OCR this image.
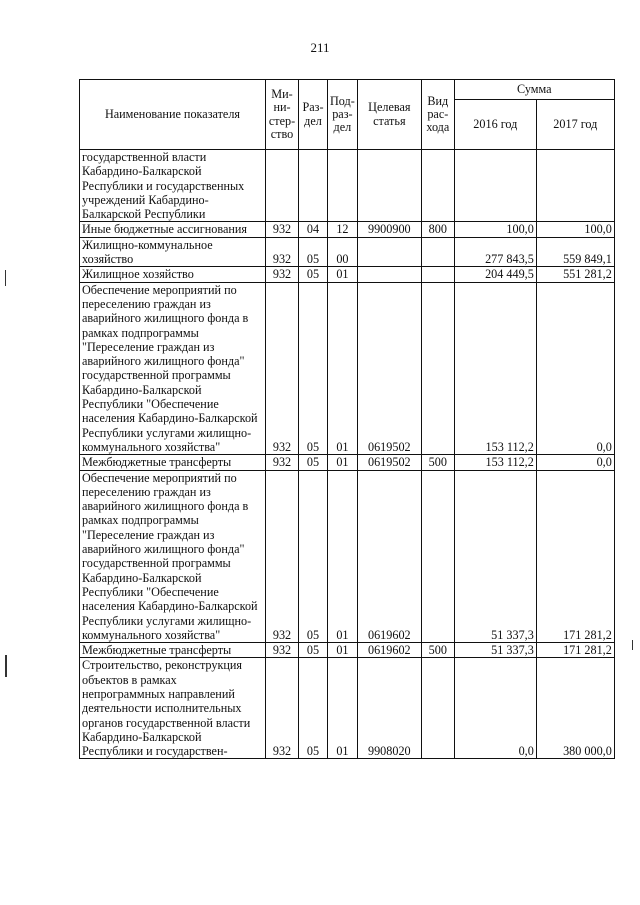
211
Наименование показателя	Ми-
ни-
стер-
ство	Раз-
дел	Под-
раз-
дел	Целевая
статья	Вид
рас-
хода	Сумма	
						2016 год	2017 год
государственной власти Кабардино-Балкарской Республики и государственных учреждений Кабардино-Балкарской Республики							
Иные бюджетные ассигнования	932	04	12	9900900	800	100,0	100,0
Жилищно-коммунальное хозяйство	932	05	00			277 843,5	559 849,1
Жилищное хозяйство	932	05	01			204 449,5	551 281,2
Обеспечение мероприятий по переселению граждан из аварийного жилищного фонда в рамках подпрограммы "Переселение граждан из аварийного жилищного фонда" государственной программы Кабардино-Балкарской Республики "Обеспечение населения Кабардино-Балкарской Республики услугами жилищно-коммунального хозяйства"	932	05	01	0619502		153 112,2	0,0
Межбюджетные трансферты	932	05	01	0619502	500	153 112,2	0,0
Обеспечение мероприятий по переселению граждан из аварийного жилищного фонда в рамках подпрограммы "Переселение граждан из аварийного жилищного фонда" государственной программы Кабардино-Балкарской Республики "Обеспечение населения Кабардино-Балкарской Республики услугами жилищно-коммунального хозяйства"	932	05	01	0619602		51 337,3	171 281,2
Межбюджетные трансферты	932	05	01	0619602	500	51 337,3	171 281,2
Строительство, реконструкция объектов в рамках непрограммных направлений деятельности исполнительных органов государственной власти Кабардино-Балкарской Республики и государствен-	932	05	01	9908020		0,0	380 000,0
